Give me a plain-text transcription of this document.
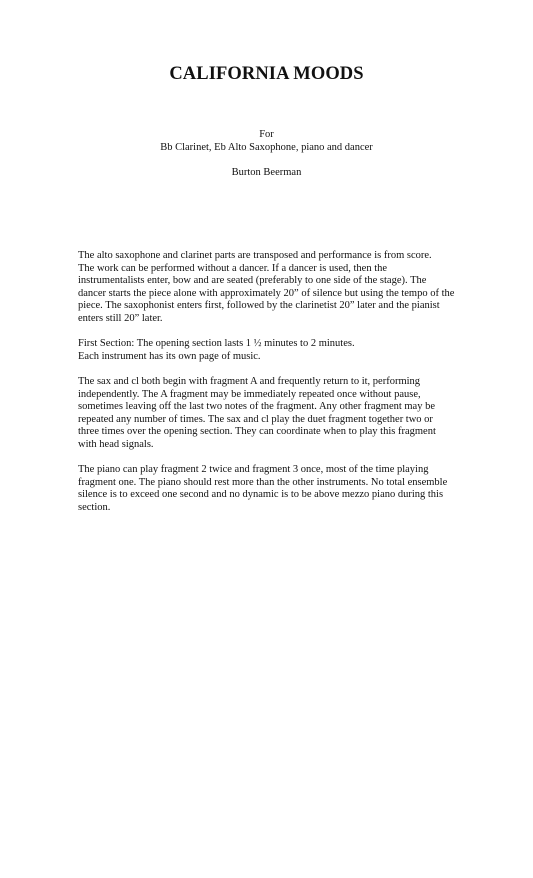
CALIFORNIA MOODS
For
Bb Clarinet, Eb Alto Saxophone, piano and dancer
Burton Beerman

The alto saxophone and clarinet parts are transposed and performance is from score.
The work can be performed without a dancer. If a dancer is used, then the
instrumentalists enter, bow and are seated (preferably to one side of the stage). The
dancer starts the piece alone with approximately 20” of silence but using the tempo of the
piece. The saxophonist enters first, followed by the clarinetist 20” later and the pianist
enters still 20” later.

First Section: The opening section lasts 1 ½ minutes to 2 minutes.
Each instrument has its own page of music.

The sax and cl both begin with fragment A and frequently return to it, performing
independently. The A fragment may be immediately repeated once without pause,
sometimes leaving off the last two notes of the fragment. Any other fragment may be
repeated any number of times. The sax and cl play the duet fragment together two or
three times over the opening section. They can coordinate when to play this fragment
with head signals.

The piano can play fragment 2 twice and fragment 3 once, most of the time playing
fragment one. The piano should rest more than the other instruments. No total ensemble
silence is to exceed one second and no dynamic is to be above mezzo piano during this
section.
